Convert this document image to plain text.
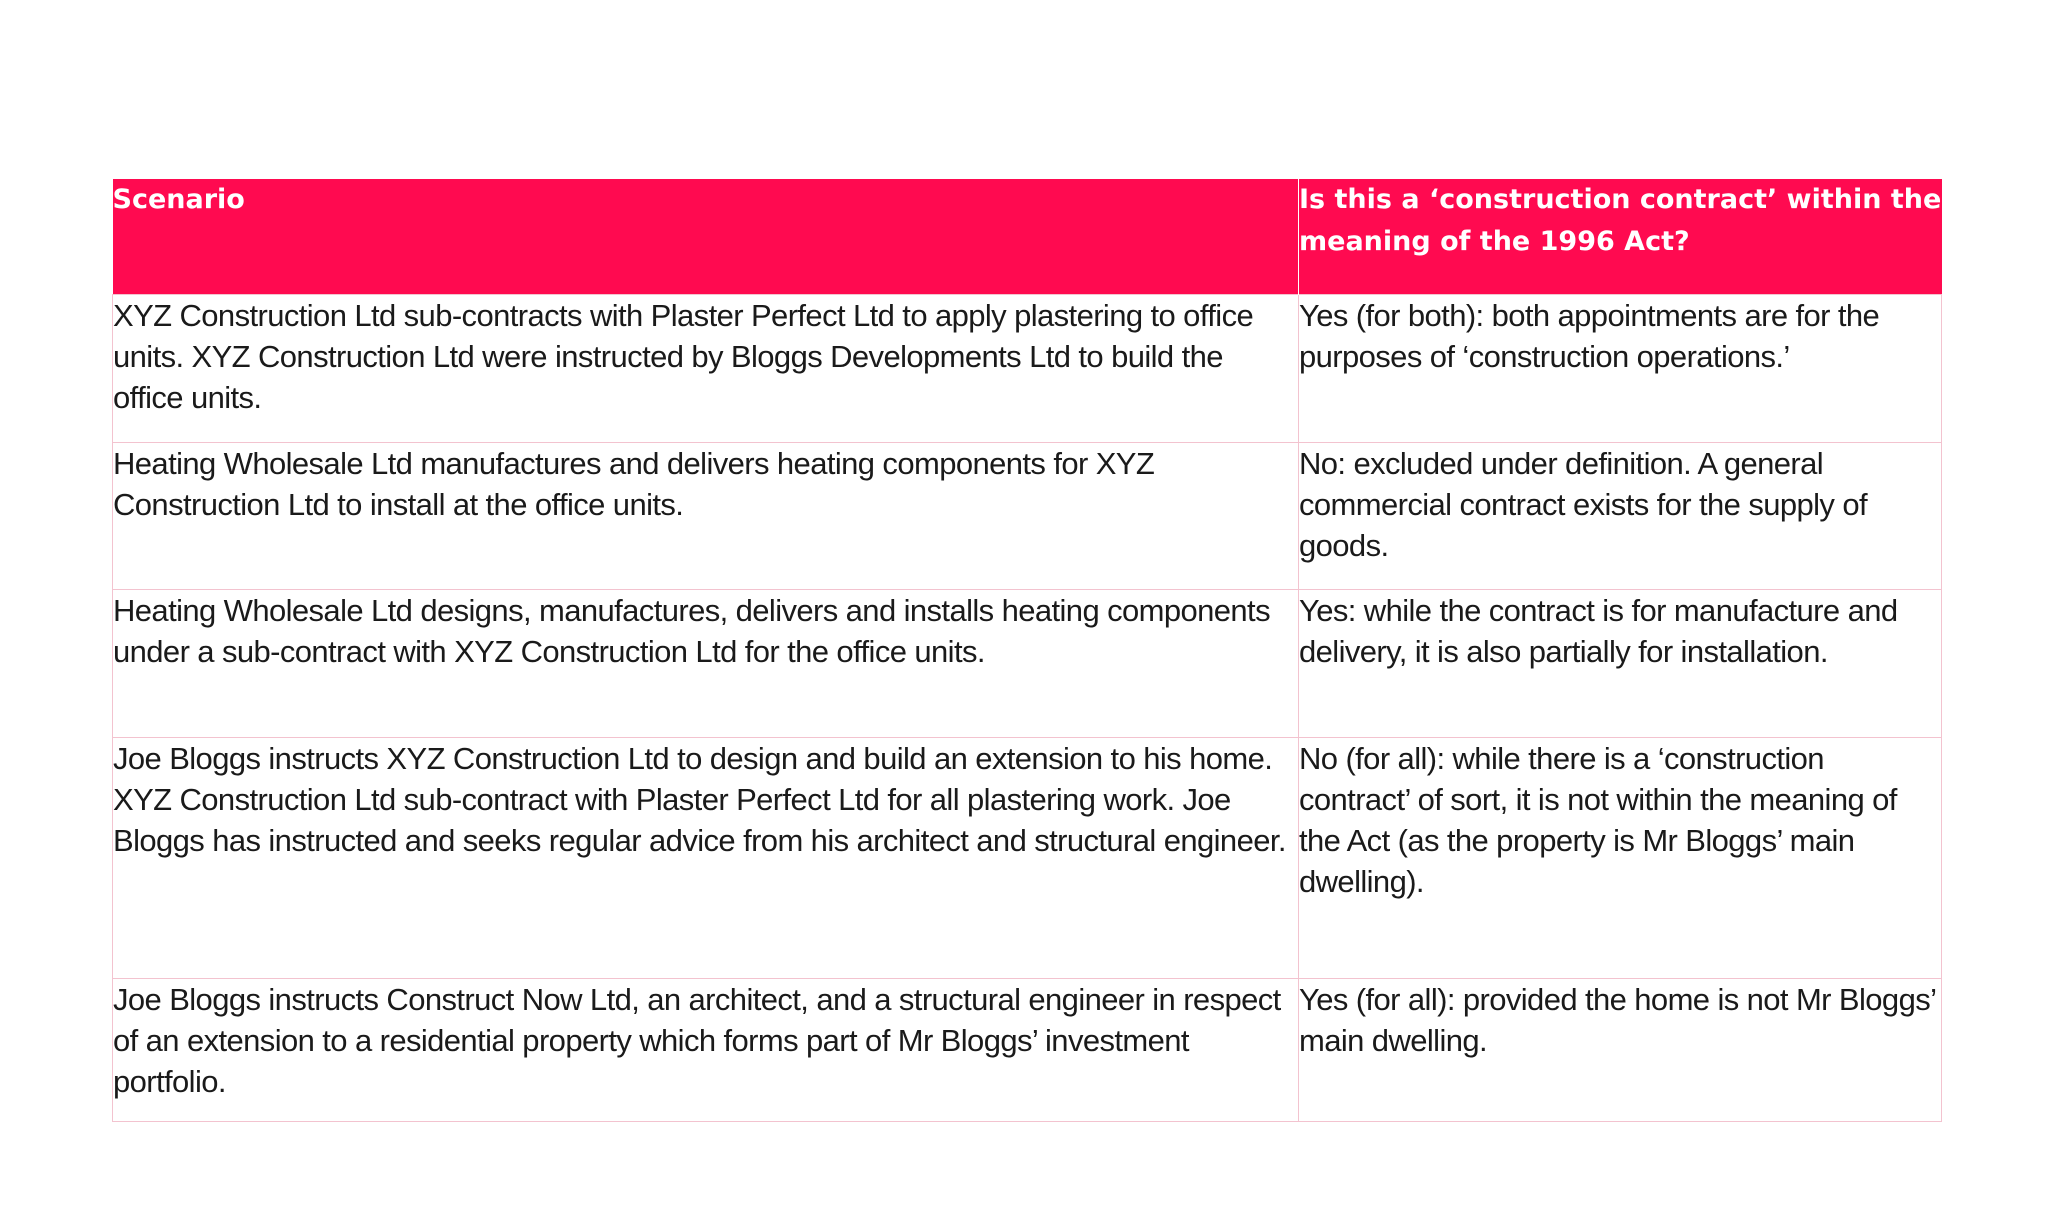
Scenario	Is this a ‘construction contract’ within the meaning of the 1996 Act?
XYZ Construction Ltd sub-contracts with Plaster Perfect Ltd to apply plastering to office units. XYZ Construction Ltd were instructed by Bloggs Developments Ltd to build the office units.	Yes (for both): both appointments are for the purposes of ‘construction operations.’
Heating Wholesale Ltd manufactures and delivers heating components for XYZ Construction Ltd to install at the office units.	No: excluded under definition. A general commercial contract exists for the supply of goods.
Heating Wholesale Ltd designs, manufactures, delivers and installs heating components under a sub-contract with XYZ Construction Ltd for the office units.	Yes: while the contract is for manufacture and delivery, it is also partially for installation.
Joe Bloggs instructs XYZ Construction Ltd to design and build an extension to his home. XYZ Construction Ltd sub-contract with Plaster Perfect Ltd for all plastering work. Joe Bloggs has instructed and seeks regular advice from his architect and structural engineer.	No (for all): while there is a ‘construction contract’ of sort, it is not within the meaning of the Act (as the property is Mr Bloggs’ main dwelling).
Joe Bloggs instructs Construct Now Ltd, an architect, and a structural engineer in respect of an extension to a residential property which forms part of Mr Bloggs’ investment portfolio.	Yes (for all): provided the home is not Mr Bloggs’ main dwelling.
